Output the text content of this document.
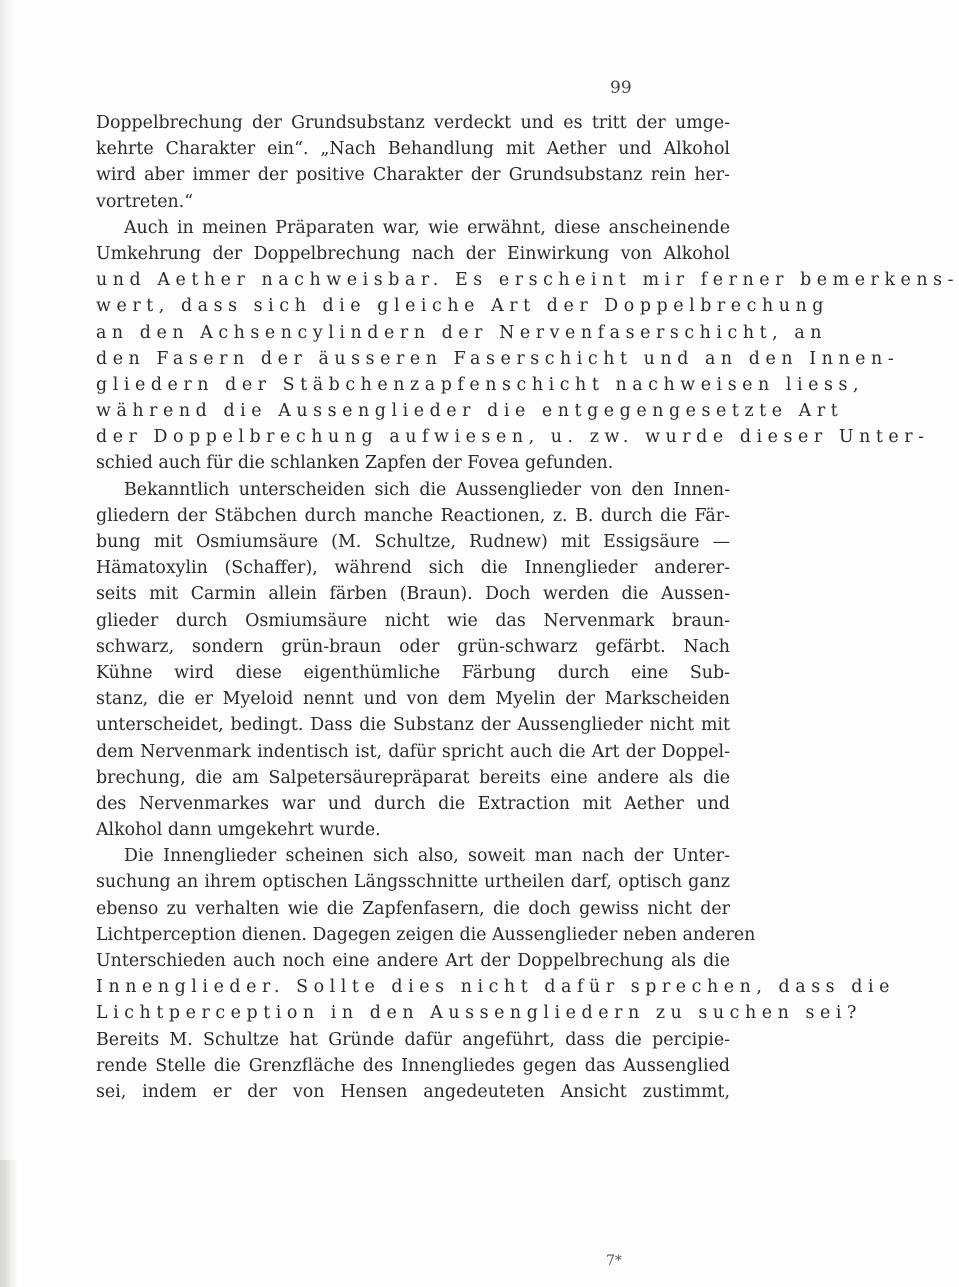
99
Doppelbrechung der Grundsubstanz verdeckt und es tritt der umge-
kehrte Charakter ein“. „Nach Behandlung mit Aether und Alkohol
wird aber immer der positive Charakter der Grundsubstanz rein her-
vortreten.“
Auch in meinen Präparaten war, wie erwähnt, diese anscheinende
Umkehrung der Doppelbrechung nach der Einwirkung von Alkohol
und Aether nachweisbar. Es erscheint mir ferner bemerkens-
wert, dass sich die gleiche Art der Doppelbrechung
an den Achsencylindern der Nervenfaserschicht, an
den Fasern der äusseren Faserschicht und an den Innen-
gliedern der Stäbchenzapfenschicht nachweisen liess,
während die Aussenglieder die entgegengesetzte Art
der Doppelbrechung aufwiesen, u. zw. wurde dieser Unter-
schied auch für die schlanken Zapfen der Fovea gefunden.
Bekanntlich unterscheiden sich die Aussenglieder von den Innen-
gliedern der Stäbchen durch manche Reactionen, z. B. durch die Fär-
bung mit Osmiumsäure (M. Schultze, Rudnew) mit Essigsäure —
Hämatoxylin (Schaffer), während sich die Innenglieder anderer-
seits mit Carmin allein färben (Braun). Doch werden die Aussen-
glieder durch Osmiumsäure nicht wie das Nervenmark braun-
schwarz, sondern grün-braun oder grün-schwarz gefärbt. Nach
Kühne wird diese eigenthümliche Färbung durch eine Sub-
stanz, die er Myeloid nennt und von dem Myelin der Markscheiden
unterscheidet, bedingt. Dass die Substanz der Aussenglieder nicht mit
dem Nervenmark indentisch ist, dafür spricht auch die Art der Doppel-
brechung, die am Salpetersäurepräparat bereits eine andere als die
des Nervenmarkes war und durch die Extraction mit Aether und
Alkohol dann umgekehrt wurde.
Die Innenglieder scheinen sich also, soweit man nach der Unter-
suchung an ihrem optischen Längsschnitte urtheilen darf, optisch ganz
ebenso zu verhalten wie die Zapfenfasern, die doch gewiss nicht der
Lichtperception dienen. Dagegen zeigen die Aussenglieder neben anderen
Unterschieden auch noch eine andere Art der Doppelbrechung als die
Innenglieder. Sollte dies nicht dafür sprechen, dass die
Lichtperception in den Aussengliedern zu suchen sei?
Bereits M. Schultze hat Gründe dafür angeführt, dass die percipie-
rende Stelle die Grenzfläche des Innengliedes gegen das Aussenglied
sei, indem er der von Hensen angedeuteten Ansicht zustimmt,
7*
